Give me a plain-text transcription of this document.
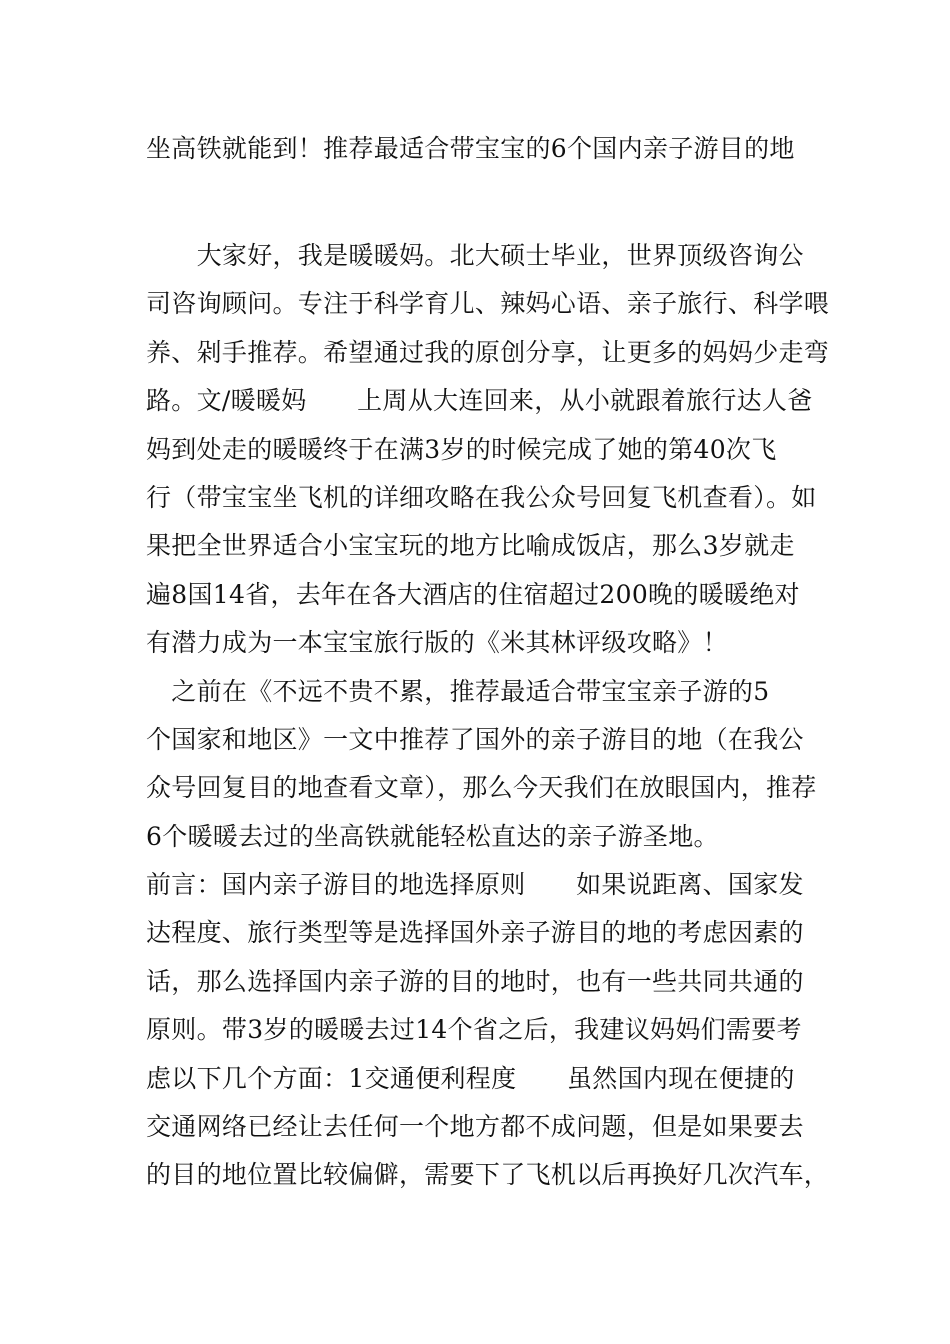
坐高铁就能到！推荐最适合带宝宝的6个国内亲子游目的地
　　大家好，我是暖暖妈。北大硕士毕业，世界顶级咨询公
司咨询顾问。专注于科学育儿、辣妈心语、亲子旅行、科学喂
养、剁手推荐。希望通过我的原创分享，让更多的妈妈少走弯
路。文/暖暖妈　　上周从大连回来，从小就跟着旅行达人爸
妈到处走的暖暖终于在满3岁的时候完成了她的第40次飞
行（带宝宝坐飞机的详细攻略在我公众号回复飞机查看）。如
果把全世界适合小宝宝玩的地方比喻成饭店，那么3岁就走
遍8国14省，去年在各大酒店的住宿超过200晚的暖暖绝对
有潜力成为一本宝宝旅行版的《米其林评级攻略》！
　之前在《不远不贵不累，推荐最适合带宝宝亲子游的5
个国家和地区》一文中推荐了国外的亲子游目的地（在我公
众号回复目的地查看文章），那么今天我们在放眼国内，推荐
6个暖暖去过的坐高铁就能轻松直达的亲子游圣地。
前言：国内亲子游目的地选择原则　　如果说距离、国家发
达程度、旅行类型等是选择国外亲子游目的地的考虑因素的
话，那么选择国内亲子游的目的地时，也有一些共同共通的
原则。带3岁的暖暖去过14个省之后，我建议妈妈们需要考
虑以下几个方面：1交通便利程度　　虽然国内现在便捷的
交通网络已经让去任何一个地方都不成问题，但是如果要去
的目的地位置比较偏僻，需要下了飞机以后再换好几次汽车，
